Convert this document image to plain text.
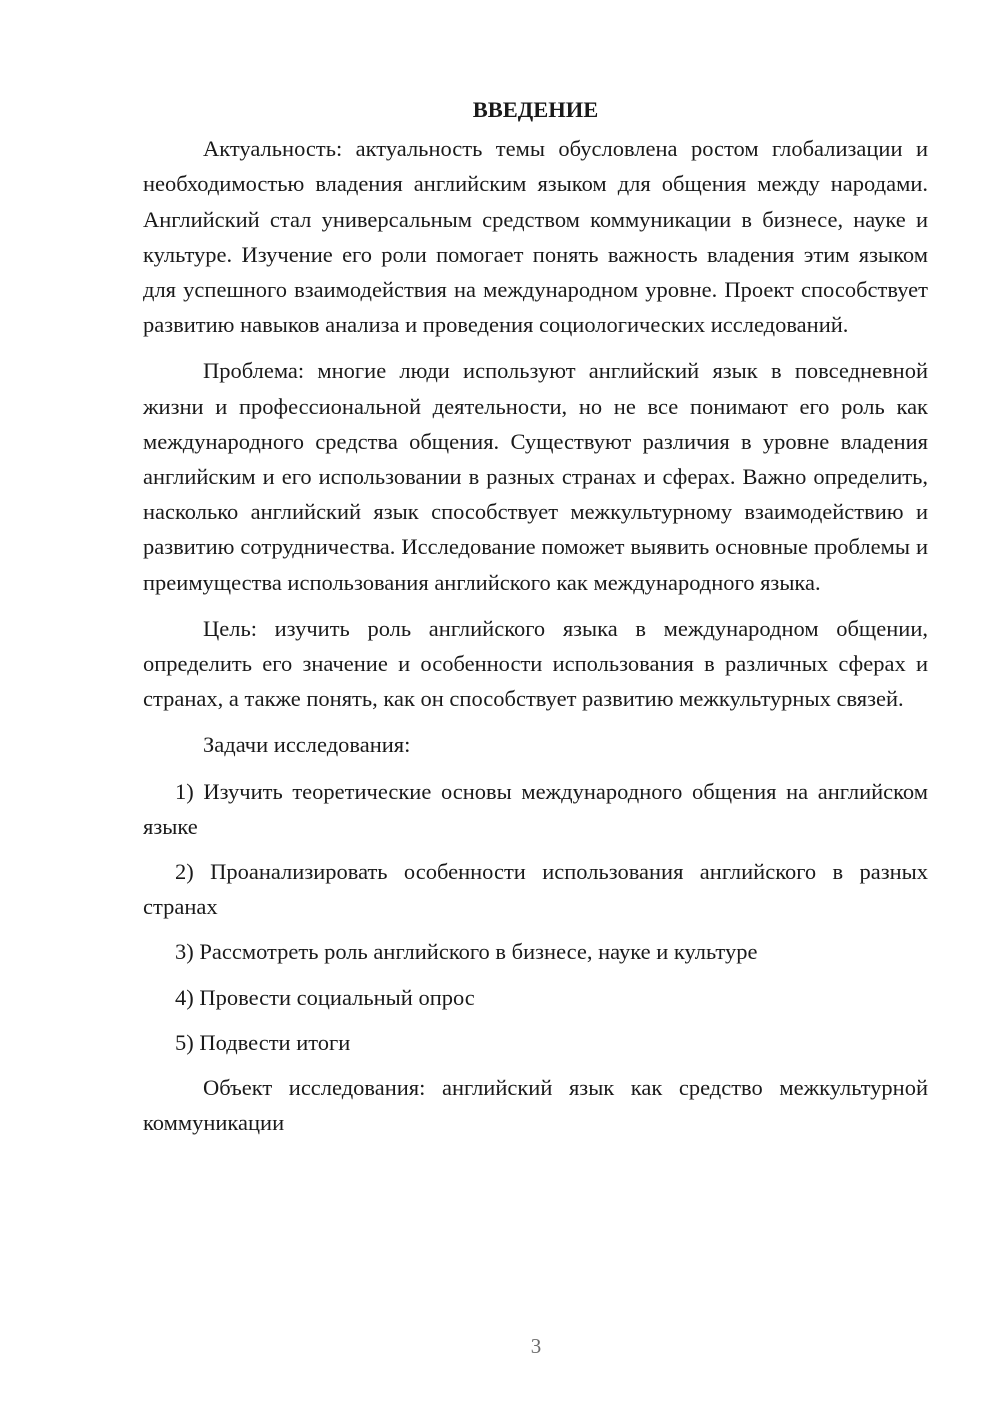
ВВЕДЕНИЕ

Актуальность: актуальность темы обусловлена ростом глобализации и необходимостью владения английским языком для общения между народами. Английский стал универсальным средством коммуникации в бизнесе, науке и культуре. Изучение его роли помогает понять важность владения этим языком для успешного взаимодействия на международном уровне. Проект способствует развитию навыков анализа и проведения социологических исследований.

Проблема: многие люди используют английский язык в повседневной жизни и профессиональной деятельности, но не все понимают его роль как международного средства общения. Существуют различия в уровне владения английским и его использовании в разных странах и сферах. Важно определить, насколько английский язык способствует межкультурному взаимодействию и развитию сотрудничества. Исследование поможет выявить основные проблемы и преимущества использования английского как международного языка.

Цель: изучить роль английского языка в международном общении, определить его значение и особенности использования в различных сферах и странах, а также понять, как он способствует развитию межкультурных связей.

Задачи исследования:

1) Изучить теоретические основы международного общения на английском языке

2) Проанализировать особенности использования английского в разных странах

3) Рассмотреть роль английского в бизнесе, науке и культуре

4) Провести социальный опрос

5) Подвести итоги

Объект исследования: английский язык как средство межкультурной коммуникации

3
